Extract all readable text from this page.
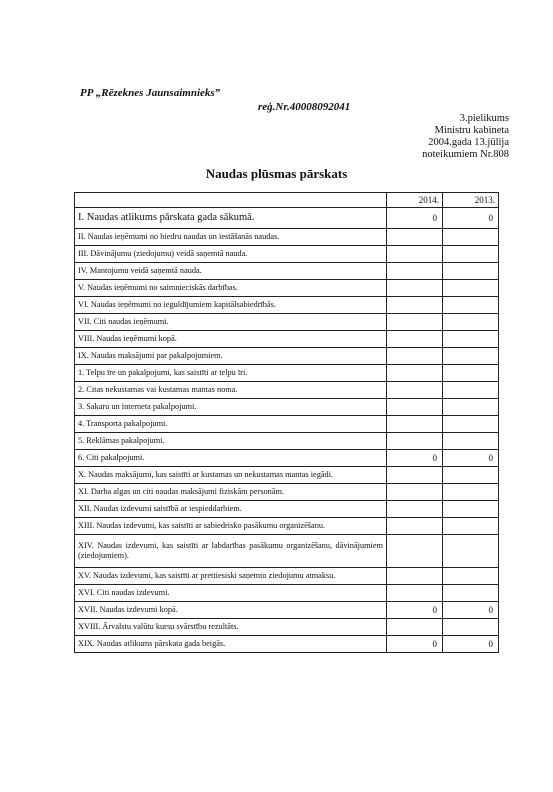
PP „Rēzeknes Jaunsaimnieks”
reģ.Nr.40008092041
3.pielikums
Ministru kabineta
2004.gada 13.jūlija
noteikumiem Nr.808
Naudas plūsmas pārskats
	2014.	2013.
I. Naudas atlikums pārskata gada sākumā.	0	0
II. Naudas ieņēmumi no biedru naudas un iestāšanās naudas.		
III. Dāvinājumu (ziedojumu) veidā saņemtā nauda.		
IV. Mantojumu veidā saņemtā nauda.		
V. Naudas ieņēmumi no saimnieciskās darbības.		
VI. Naudas ieņēmumi no ieguldījumiem kapitālsabiedrībās.		
VII. Citi naudas ieņēmumi.		
VIII. Naudas ieņēmumi kopā.		
IX. Naudas maksājumi par pakalpojumiem.		
1. Telpu īre un pakalpojumi, kas saistīti ar telpu īri.		
2. Citas nekustamas vai kustamas mantas noma.		
3. Sakaru un interneta pakalpojumi.		
4. Transporta pakalpojumi.		
5. Reklāmas pakalpojumi.		
6. Citi pakalpojumi.	0	0
X. Naudas maksājumi, kas saistīti ar kustamas un nekustamas mantas iegādi.		
XI. Darba algas un citi naudas maksājumi fiziskām personām.		
XII. Naudas izdevumi saistībā ar iespieddarbiem.		
XIII. Naudas izdevumi, kas saistīti ar sabiedrisko pasākumu organizēšanu.		
XIV. Naudas izdevumi, kas saistīti ar labdarības pasākumu organizēšanu, dāvinājumiem (ziedojumiem).		
XV. Naudas izdevumi, kas saistīti ar prettiesiski saņemto ziedojumu atmaksu.		
XVI. Citi naudas izdevumi.		
XVII. Naudas izdevumi kopā.	0	0
XVIII. Ārvalstu valūtu kursu svārstību rezultāts.		
XIX. Naudas atlikums pārskata gada beigās.	0	0
